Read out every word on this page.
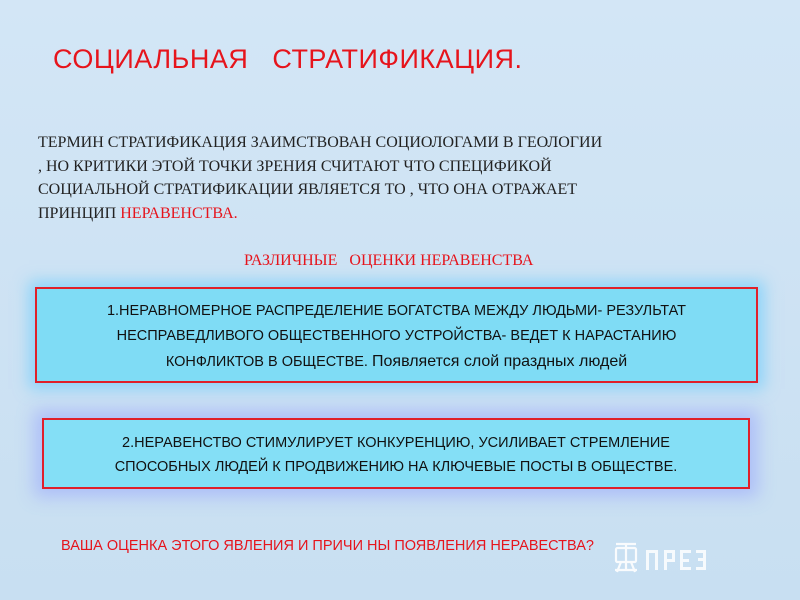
СОЦИАЛЬНАЯ   СТРАТИФИКАЦИЯ.
ТЕРМИН СТРАТИФИКАЦИЯ ЗАИМСТВОВАН СОЦИОЛОГАМИ В ГЕОЛОГИИ
, НО КРИТИКИ ЭТОЙ ТОЧКИ ЗРЕНИЯ СЧИТАЮТ ЧТО СПЕЦИФИКОЙ
СОЦИАЛЬНОЙ СТРАТИФИКАЦИИ ЯВЛЯЕТСЯ ТО , ЧТО ОНА ОТРАЖАЕТ
ПРИНЦИП НЕРАВЕНСТВА.
РАЗЛИЧНЫЕ   ОЦЕНКИ НЕРАВЕНСТВА
1.НЕРАВНОМЕРНОЕ РАСПРЕДЕЛЕНИЕ БОГАТСТВА МЕЖДУ ЛЮДЬМИ- РЕЗУЛЬТАТ
НЕСПРАВЕДЛИВОГО ОБЩЕСТВЕННОГО УСТРОЙСТВА- ВЕДЕТ К НАРАСТАНИЮ
КОНФЛИКТОВ В ОБЩЕСТВЕ. Появляется слой праздных людей
2.НЕРАВЕНСТВО СТИМУЛИРУЕТ КОНКУРЕНЦИЮ, УСИЛИВАЕТ СТРЕМЛЕНИЕ
СПОСОБНЫХ ЛЮДЕЙ К ПРОДВИЖЕНИЮ НА КЛЮЧЕВЫЕ ПОСТЫ В ОБЩЕСТВЕ.
ВАША ОЦЕНКА ЭТОГО ЯВЛЕНИЯ И ПРИЧИ НЫ ПОЯВЛЕНИЯ НЕРАВЕСТВА?
